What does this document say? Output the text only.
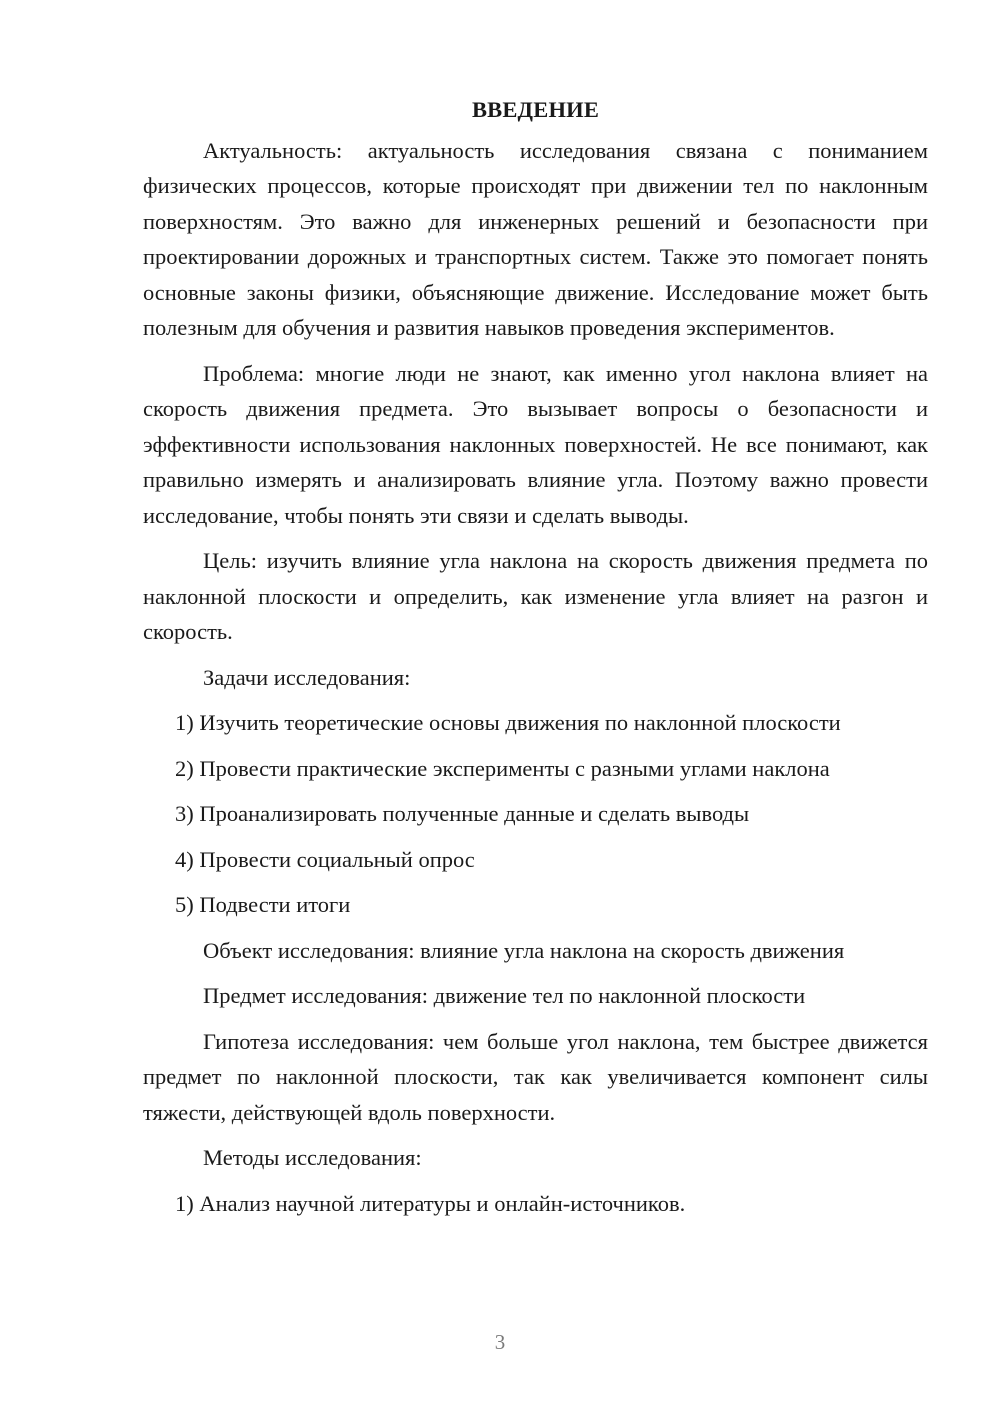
ВВЕДЕНИЕ

Актуальность: актуальность исследования связана с пониманием физических процессов, которые происходят при движении тел по наклонным поверхностям. Это важно для инженерных решений и безопасности при проектировании дорожных и транспортных систем. Также это помогает понять основные законы физики, объясняющие движение. Исследование может быть полезным для обучения и развития навыков проведения экспериментов.

Проблема: многие люди не знают, как именно угол наклона влияет на скорость движения предмета. Это вызывает вопросы о безопасности и эффективности использования наклонных поверхностей. Не все понимают, как правильно измерять и анализировать влияние угла. Поэтому важно провести исследование, чтобы понять эти связи и сделать выводы.

Цель: изучить влияние угла наклона на скорость движения предмета по наклонной плоскости и определить, как изменение угла влияет на разгон и скорость.

Задачи исследования:
1) Изучить теоретические основы движения по наклонной плоскости
2) Провести практические эксперименты с разными углами наклона
3) Проанализировать полученные данные и сделать выводы
4) Провести социальный опрос
5) Подвести итоги
Объект исследования: влияние угла наклона на скорость движения
Предмет исследования: движение тел по наклонной плоскости

Гипотеза исследования: чем больше угол наклона, тем быстрее движется предмет по наклонной плоскости, так как увеличивается компонент силы тяжести, действующей вдоль поверхности.

Методы исследования:
1) Анализ научной литературы и онлайн-источников.
3
